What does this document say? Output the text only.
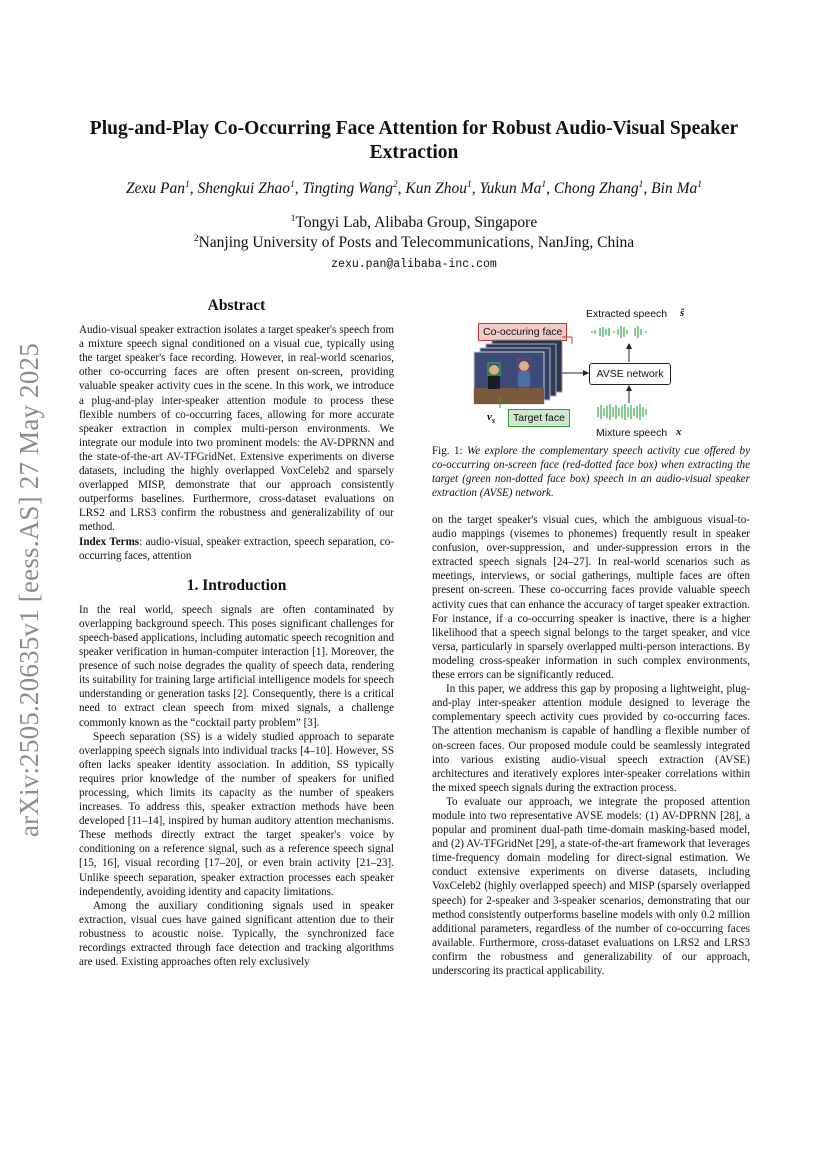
arXiv:2505.20635v1 [eess.AS] 27 May 2025
Plug-and-Play Co-Occurring Face Attention for Robust Audio-Visual Speaker Extraction
Zexu Pan$^1$, Shengkui Zhao$^1$, Tingting Wang$^2$, Kun Zhou$^1$, Yukun Ma$^1$, Chong Zhang$^1$, Bin Ma$^1$
$^1$Tongyi Lab, Alibaba Group, Singapore
$^2$Nanjing University of Posts and Telecommunications, NanJing, China
zexu.pan@alibaba-inc.com
Abstract

Audio-visual speaker extraction isolates a target speaker's speech from a mixture speech signal conditioned on a visual cue, typically using the target speaker's face recording. However, in real-world scenarios, other co-occurring faces are often present on-screen, providing valuable speaker activity cues in the scene. In this work, we introduce a plug-and-play inter-speaker attention module to process these flexible numbers of co-occurring faces, allowing for more accurate speaker extraction in complex multi-person environments. We integrate our module into two prominent models: the AV-DPRNN and the state-of-the-art AV-TFGridNet. Extensive experiments on diverse datasets, including the highly overlapped VoxCeleb2 and sparsely overlapped MISP, demonstrate that our approach consistently outperforms baselines. Furthermore, cross-dataset evaluations on LRS2 and LRS3 confirm the robustness and generalizability of our method.

Index Terms: audio-visual, speaker extraction, speech separation, co-occurring faces, attention

1. Introduction

In the real world, speech signals are often contaminated by overlapping background speech. This poses significant challenges for speech-based applications, including automatic speech recognition and speaker verification in human-computer interaction [1]. Moreover, the presence of such noise degrades the quality of speech data, rendering its suitability for training large artificial intelligence models for speech understanding or generation tasks [2]. Consequently, there is a critical need to extract clean speech from mixed signals, a challenge commonly known as the “cocktail party problem” [3].

Speech separation (SS) is a widely studied approach to separate overlapping speech signals into individual tracks [4–10]. However, SS often lacks speaker identity association. In addition, SS typically requires prior knowledge of the number of speakers for unified processing, which limits its capacity as the number of speakers increases. To address this, speaker extraction methods have been developed [11–14], inspired by human auditory attention mechanisms. These methods directly extract the target speaker's voice by conditioning on a reference signal, such as a reference speech signal [15, 16], visual recording [17–20], or even brain activity [21–23]. Unlike speech separation, speaker extraction processes each speaker independently, avoiding identity and capacity limitations.

Among the auxiliary conditioning signals used in speaker extraction, visual cues have gained significant attention due to their robustness to acoustic noise. Typically, the synchronized face recordings extracted through face detection and tracking algorithms are used. Existing approaches often rely exclusively

Extracted speech ŝ
Co-occuring face
Target face
$v_s$
AVSE network
Mixture speech x
Fig. 1: We explore the complementary speech activity cue offered by co-occurring on-screen face (red-dotted face box) when extracting the target (green non-dotted face box) speech in an audio-visual speaker extraction (AVSE) network.

on the target speaker's visual cues, which the ambiguous visual-to-audio mappings (visemes to phonemes) frequently result in speaker confusion, over-suppression, and under-suppression errors in the extracted speech signals [24–27]. In real-world scenarios such as meetings, interviews, or social gatherings, multiple faces are often present on-screen. These co-occurring faces provide valuable speech activity cues that can enhance the accuracy of target speaker extraction. For instance, if a co-occurring speaker is inactive, there is a higher likelihood that a speech signal belongs to the target speaker, and vice versa, particularly in sparsely overlapped multi-person interactions. By modeling cross-speaker information in such complex environments, these errors can be significantly reduced.

In this paper, we address this gap by proposing a lightweight, plug-and-play inter-speaker attention module designed to leverage the complementary speech activity cues provided by co-occurring faces. The attention mechanism is capable of handling a flexible number of on-screen faces. Our proposed module could be seamlessly integrated into various existing audio-visual speech extraction (AVSE) architectures and iteratively explores inter-speaker correlations within the mixed speech signals during the extraction process.

To evaluate our approach, we integrate the proposed attention module into two representative AVSE models: (1) AV-DPRNN [28], a popular and prominent dual-path time-domain masking-based model, and (2) AV-TFGridNet [29], a state-of-the-art framework that leverages time-frequency domain modeling for direct-signal estimation. We conduct extensive experiments on diverse datasets, including VoxCeleb2 (highly overlapped speech) and MISP (sparsely overlapped speech) for 2-speaker and 3-speaker scenarios, demonstrating that our method consistently outperforms baseline models with only 0.2 million additional parameters, regardless of the number of co-occurring faces available. Furthermore, cross-dataset evaluations on LRS2 and LRS3 confirm the robustness and generalizability of our approach, underscoring its practical applicability.
